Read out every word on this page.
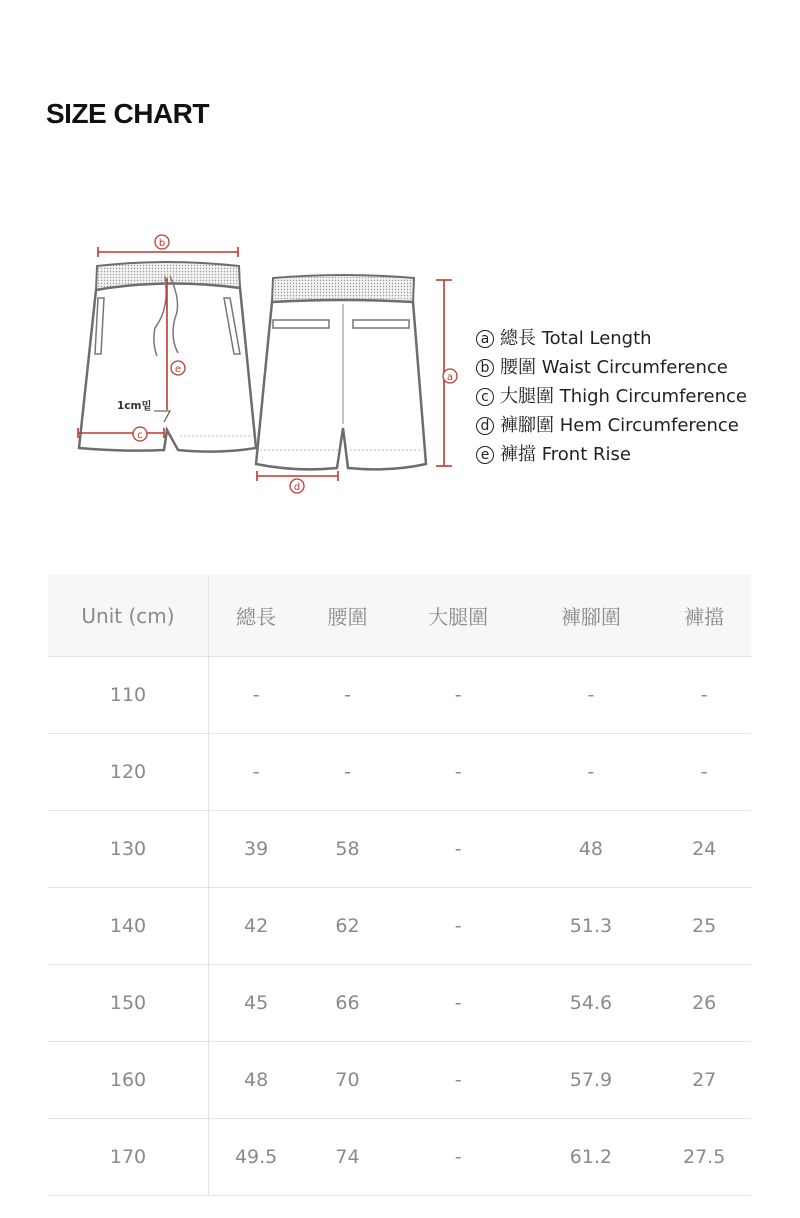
SIZE CHART
b
a
d
c
e
1cm밑
a 總長 Total Length
b 腰圍 Waist Circumference
c 大腿圍 Thigh Circumference
d 褲腳圍 Hem Circumference
e 褲擋 Front Rise
Unit (cm)	總長	腰圍	大腿圍	褲腳圍	褲擋
110	-	-	-	-	-
120	-	-	-	-	-
130	39	58	-	48	24
140	42	62	-	51.3	25
150	45	66	-	54.6	26
160	48	70	-	57.9	27
170	49.5	74	-	61.2	27.5
